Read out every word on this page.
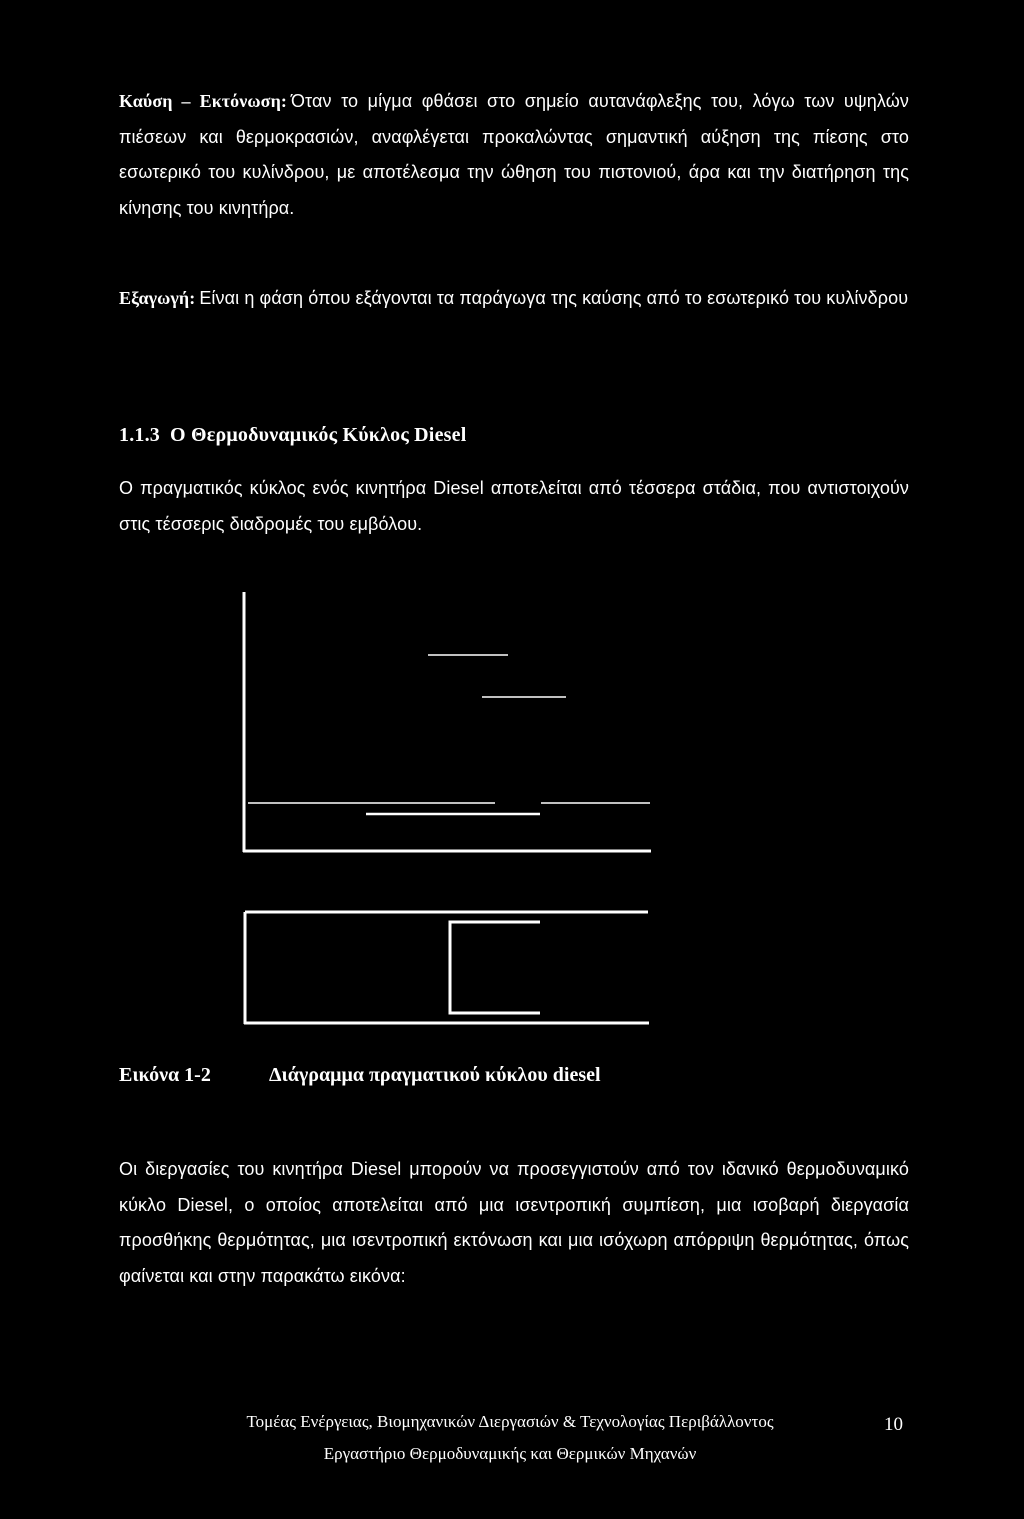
Καύση – Εκτόνωση: Όταν το μίγμα φθάσει στο σημείο αυτανάφλεξης του, λόγω των υψηλών πιέσεων και θερμοκρασιών, αναφλέγεται προκαλώντας σημαντική αύξηση της πίεσης στο εσωτερικό του κυλίνδρου, με αποτέλεσμα την ώθηση του πιστονιού, άρα και την διατήρηση της κίνησης του κινητήρα.

Εξαγωγή: Είναι η φάση όπου εξάγονται τα παράγωγα της καύσης από το εσωτερικό του κυλίνδρου

1.1.3 Ο Θερμοδυναμικός Κύκλος Diesel

Ο πραγματικός κύκλος ενός κινητήρα Diesel αποτελείται από τέσσερα στάδια, που αντιστοιχούν στις τέσσερις διαδρομές του εμβόλου.

Εικόνα 1-2	Διάγραμμα πραγματικού κύκλου diesel

Οι διεργασίες του κινητήρα Diesel μπορούν να προσεγγιστούν από τον ιδανικό θερμοδυναμικό κύκλο Diesel, ο οποίος αποτελείται από μια ισεντροπική συμπίεση, μια ισοβαρή διεργασία προσθήκης θερμότητας, μια ισεντροπική εκτόνωση και μια ισόχωρη απόρριψη θερμότητας, όπως φαίνεται και στην παρακάτω εικόνα:

Τομέας Ενέργειας, Βιομηχανικών Διεργασιών & Τεχνολογίας Περιβάλλοντος
Εργαστήριο Θερμοδυναμικής και Θερμικών Μηχανών
10
